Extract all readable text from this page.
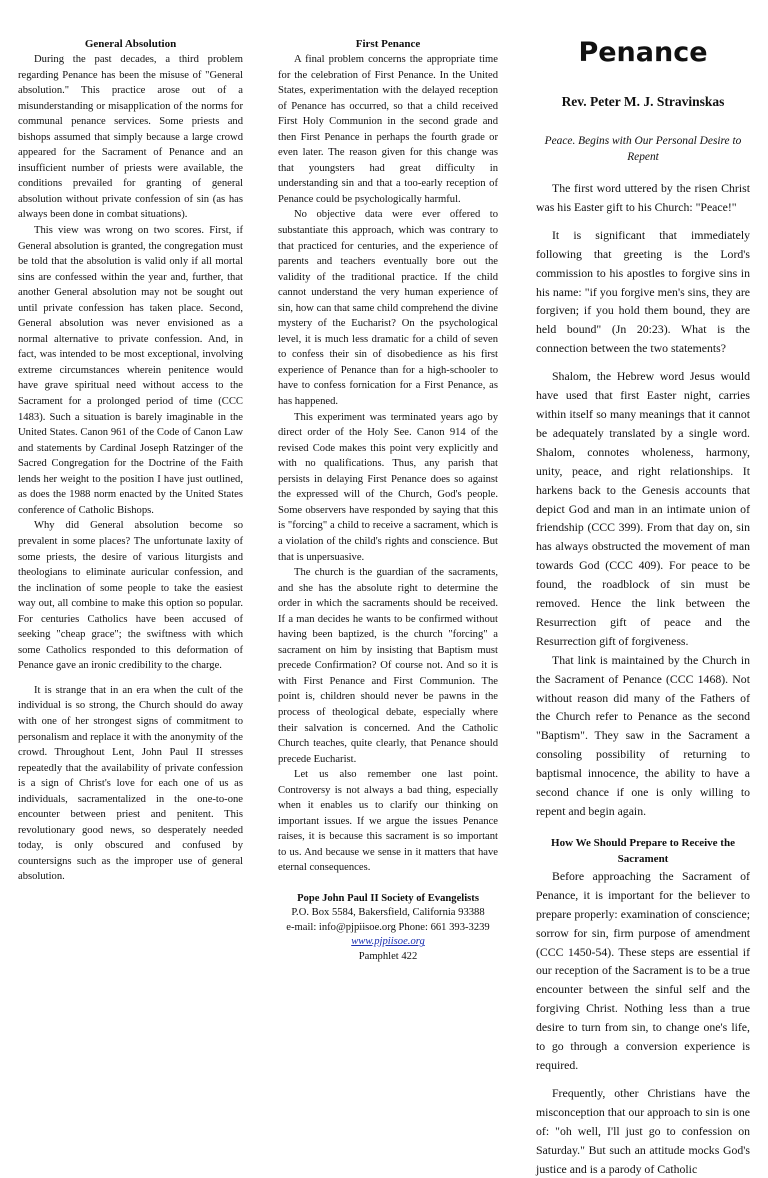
General Absolution

During the past decades, a third problem regarding Penance has been the misuse of "General absolution." This practice arose out of a misunderstanding or misapplication of the norms for communal penance services. Some priests and bishops assumed that simply because a large crowd appeared for the Sacrament of Penance and an insufficient number of priests were available, the conditions prevailed for granting of general absolution without private confession of sin (as has always been done in combat situations).

This view was wrong on two scores. First, if General absolution is granted, the congregation must be told that the absolution is valid only if all mortal sins are confessed within the year and, further, that another General absolution may not be sought out until private confession has taken place. Second, General absolution was never envisioned as a normal alternative to private confession. And, in fact, was intended to be most exceptional, involving extreme circumstances wherein penitence would have grave spiritual need without access to the Sacrament for a prolonged period of time (CCC 1483). Such a situation is barely imaginable in the United States. Canon 961 of the Code of Canon Law and statements by Cardinal Joseph Ratzinger of the Sacred Congregation for the Doctrine of the Faith lends her weight to the position I have just outlined, as does the 1988 norm enacted by the United States conference of Catholic Bishops.

Why did General absolution become so prevalent in some places? The unfortunate laxity of some priests, the desire of various liturgists and theologians to eliminate auricular confession, and the inclination of some people to take the easiest way out, all combine to make this option so popular. For centuries Catholics have been accused of seeking "cheap grace"; the swiftness with which some Catholics responded to this deformation of Penance gave an ironic credibility to the charge.

It is strange that in an era when the cult of the individual is so strong, the Church should do away with one of her strongest signs of commitment to personalism and replace it with the anonymity of the crowd. Throughout Lent, John Paul II stresses repeatedly that the availability of private confession is a sign of Christ's love for each one of us as individuals, sacramentalized in the one-to-one encounter between priest and penitent. This revolutionary good news, so desperately needed today, is only obscured and confused by countersigns such as the improper use of general absolution.

First Penance

A final problem concerns the appropriate time for the celebration of First Penance. In the United States, experimentation with the delayed reception of Penance has occurred, so that a child received First Holy Communion in the second grade and then First Penance in perhaps the fourth grade or even later. The reason given for this change was that youngsters had great difficulty in understanding sin and that a too-early reception of Penance could be psychologically harmful.

No objective data were ever offered to substantiate this approach, which was contrary to that practiced for centuries, and the experience of parents and teachers eventually bore out the validity of the traditional practice. If the child cannot understand the very human experience of sin, how can that same child comprehend the divine mystery of the Eucharist? On the psychological level, it is much less dramatic for a child of seven to confess their sin of disobedience as his first experience of Penance than for a high-schooler to have to confess fornication for a First Penance, as has happened.

This experiment was terminated years ago by direct order of the Holy See. Canon 914 of the revised Code makes this point very explicitly and with no qualifications. Thus, any parish that persists in delaying First Penance does so against the expressed will of the Church, God's people. Some observers have responded by saying that this is "forcing" a child to receive a sacrament, which is a violation of the child's rights and conscience. But that is unpersuasive.

The church is the guardian of the sacraments, and she has the absolute right to determine the order in which the sacraments should be received. If a man decides he wants to be confirmed without having been baptized, is the church "forcing" a sacrament on him by insisting that Baptism must precede Confirmation? Of course not. And so it is with First Penance and First Communion. The point is, children should never be pawns in the process of theological debate, especially where their salvation is concerned. And the Catholic Church teaches, quite clearly, that Penance should precede Eucharist.

Let us also remember one last point. Controversy is not always a bad thing, especially when it enables us to clarify our thinking on important issues. If we argue the issues Penance raises, it is because this sacrament is so important to us. And because we sense in it matters that have eternal consequences.

Pope John Paul II Society of Evangelists
P.O. Box 5584, Bakersfield, California 93388
e-mail: info@pjpiisoe.org Phone: 661 393-3239
www.pjpiisoe.org
Pamphlet 422
Penance
Rev. Peter M. J. Stravinskas
Peace. Begins with Our Personal Desire to Repent

The first word uttered by the risen Christ was his Easter gift to his Church: "Peace!"

It is significant that immediately following that greeting is the Lord's commission to his apostles to forgive sins in his name: "if you forgive men's sins, they are forgiven; if you hold them bound, they are held bound" (Jn 20:23). What is the connection between the two statements?

Shalom, the Hebrew word Jesus would have used that first Easter night, carries within itself so many meanings that it cannot be adequately translated by a single word. Shalom, connotes wholeness, harmony, unity, peace, and right relationships. It harkens back to the Genesis accounts that depict God and man in an intimate union of friendship (CCC 399). From that day on, sin has always obstructed the movement of man towards God (CCC 409). For peace to be found, the roadblock of sin must be removed. Hence the link between the Resurrection gift of peace and the Resurrection gift of forgiveness.

That link is maintained by the Church in the Sacrament of Penance (CCC 1468). Not without reason did many of the Fathers of the Church refer to Penance as the second "Baptism". They saw in the Sacrament a consoling possibility of returning to baptismal innocence, the ability to have a second chance if one is only willing to repent and begin again.

How We Should Prepare to Receive the Sacrament

Before approaching the Sacrament of Penance, it is important for the believer to prepare properly: examination of conscience; sorrow for sin, firm purpose of amendment (CCC 1450-54). These steps are essential if our reception of the Sacrament is to be a true encounter between the sinful self and the forgiving Christ. Nothing less than a true desire to turn from sin, to change one's life, to go through a conversion experience is required.

Frequently, other Christians have the misconception that our approach to sin is one of: "oh well, I'll just go to confession on Saturday." But such an attitude mocks God's justice and is a parody of Catholic
